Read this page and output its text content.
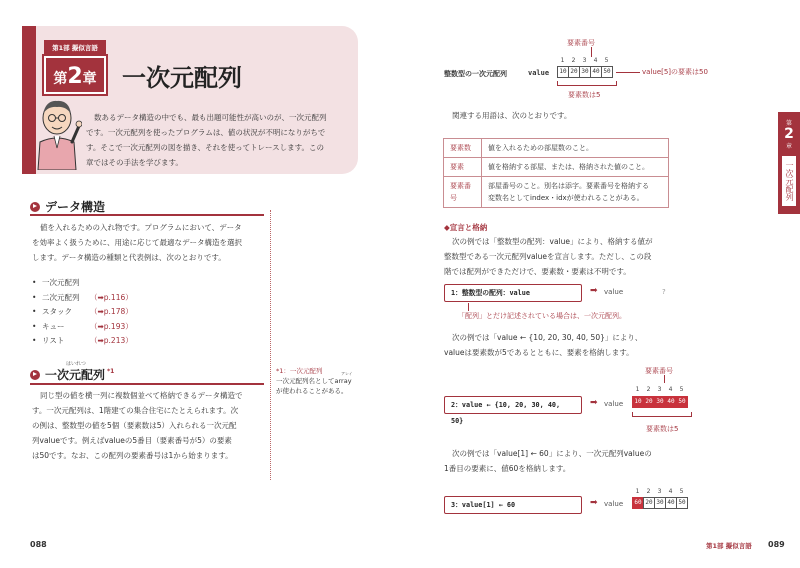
第1部 擬似言語
第2章	一次元配列
数あるデータ構造の中でも、最も出題可能性が高いのが、一次元配列
です。一次元配列を使ったプログラムは、値の状況が不明になりがちで
す。そこで一次元配列の図を描き、それを使ってトレースします。この
章ではその手法を学びます。
データ構造
値を入れるための入れ物です。プログラムにおいて、データ
を効率よく扱うために、用途に応じて最適なデータ構造を選択
します。データ構造の種類と代表例は、次のとおりです。
• 一次元配列
• 二次元配列	（➡p.116）
• スタック	（➡p.178）
• キュー	（➡p.193）
• リスト	（➡p.213）
はいれつ
一次元配列 *1
同じ型の値を横一列に複数個並べて格納できるデータ構造で
す。一次元配列は、1階建ての集合住宅にたとえられます。次
の例は、整数型の値を5個（要素数は5）入れられる一次元配
列valueです。例えばvalueの5番目（要素番号が5）の要素
は50です。なお、この配列の要素番号は1から始まります。
*1：一次元配列
一次元配列名としてarray
が使われることがある。
アレイ
088
要素番号
1 2 3 4 5
整数型の一次元配列	value	10 20 30 40 50	value[5]の要素は50
要素数は5
関連する用語は、次のとおりです。
要素数	値を入れるための部屋数のこと。
要素	値を格納する部屋、または、格納された値のこと。
要素番号	部屋番号のこと。別名は添字。要素番号を格納する
変数名としてindex・idxが使われることがある。
◆宣言と格納
次の例では「整数型の配列：value」により、格納する値が
整数型である一次元配列valueを宣言します。ただし、この段
階では配列ができただけで、要素数・要素は不明です。
1：整数型の配列：value	➡ value	?
「配列」とだけ記述されている場合は、一次元配列。
次の例では「value ← {10, 20, 30, 40, 50}」により、
valueは要素数が5であるとともに、要素を格納します。
要素番号
1 2 3 4 5
2：value ← {10, 20, 30, 40, 50}
➡ value	10 20 30 40 50
要素数は5
次の例では「value[1] ← 60」により、一次元配列valueの
1番目の要素に、値60を格納します。
1 2 3 4 5
3：value[1] ← 60	➡ value	60 20 30 40 50
第
2
章
一次元配列
第1部 擬似言語 089
